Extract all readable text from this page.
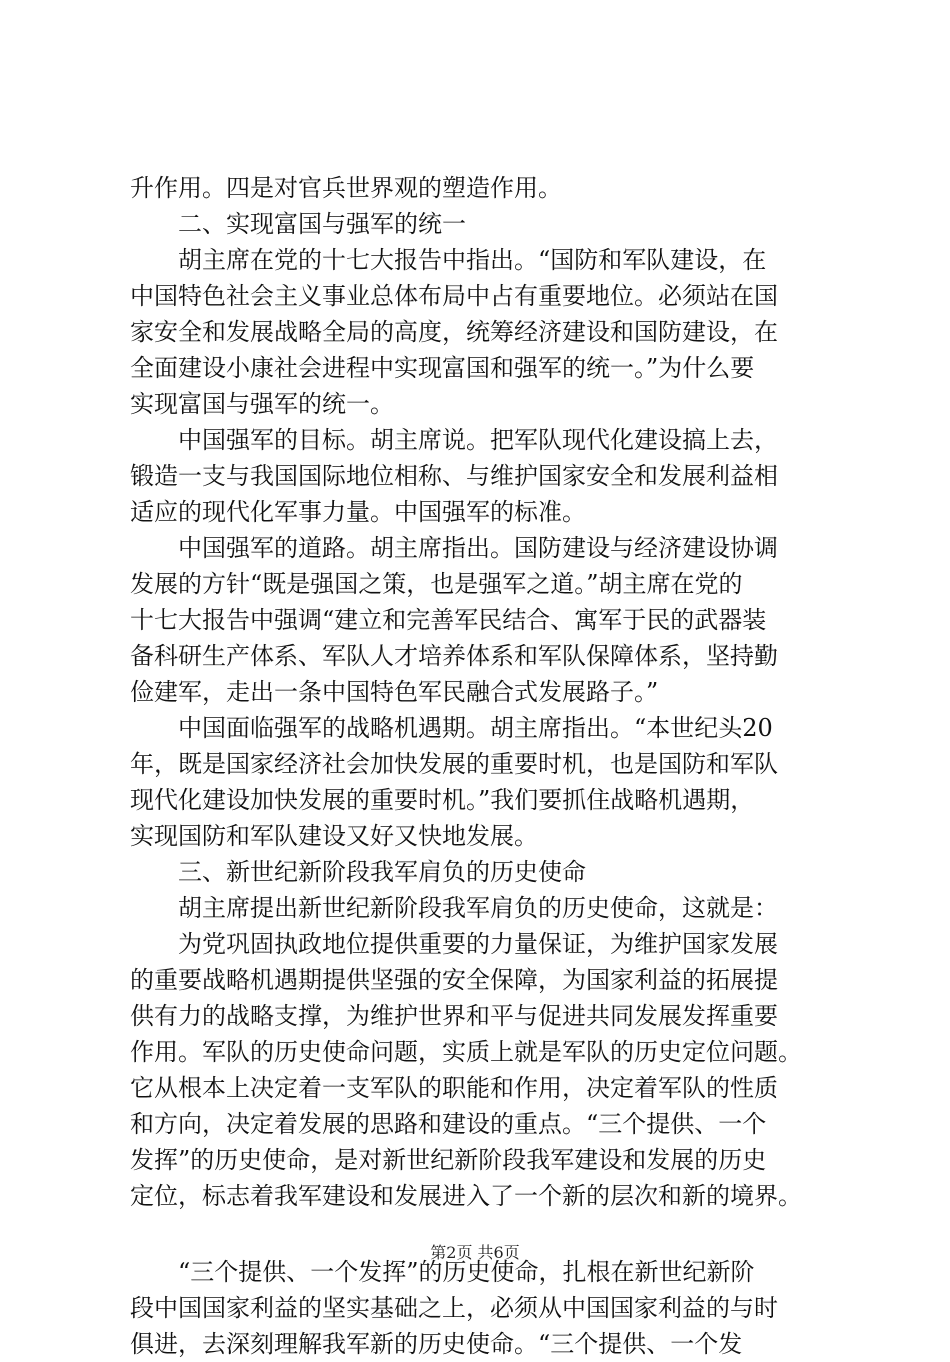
升作用。四是对官兵世界观的塑造作用。
二、实现富国与强军的统一
胡主席在党的十七大报告中指出。“国防和军队建设，在
中国特色社会主义事业总体布局中占有重要地位。必须站在国
家安全和发展战略全局的高度，统筹经济建设和国防建设，在
全面建设小康社会进程中实现富国和强军的统一。”为什么要
实现富国与强军的统一。
中国强军的目标。胡主席说。把军队现代化建设搞上去，
锻造一支与我国国际地位相称、与维护国家安全和发展利益相
适应的现代化军事力量。中国强军的标准。
中国强军的道路。胡主席指出。国防建设与经济建设协调
发展的方针“既是强国之策，也是强军之道。”胡主席在党的
十七大报告中强调“建立和完善军民结合、寓军于民的武器装
备科研生产体系、军队人才培养体系和军队保障体系，坚持勤
俭建军，走出一条中国特色军民融合式发展路子。”
中国面临强军的战略机遇期。胡主席指出。“本世纪头20
年，既是国家经济社会加快发展的重要时机，也是国防和军队
现代化建设加快发展的重要时机。”我们要抓住战略机遇期，
实现国防和军队建设又好又快地发展。
三、新世纪新阶段我军肩负的历史使命
胡主席提出新世纪新阶段我军肩负的历史使命，这就是：
为党巩固执政地位提供重要的力量保证，为维护国家发展
的重要战略机遇期提供坚强的安全保障，为国家利益的拓展提
供有力的战略支撑，为维护世界和平与促进共同发展发挥重要
作用。军队的历史使命问题，实质上就是军队的历史定位问题。
它从根本上决定着一支军队的职能和作用，决定着军队的性质
和方向，决定着发展的思路和建设的重点。“三个提供、一个
发挥”的历史使命，是对新世纪新阶段我军建设和发展的历史
定位，标志着我军建设和发展进入了一个新的层次和新的境界。
“三个提供、一个发挥”的历史使命，扎根在新世纪新阶
段中国国家利益的坚实基础之上，必须从中国国家利益的与时
俱进，去深刻理解我军新的历史使命。“三个提供、一个发
第2页 共6页
